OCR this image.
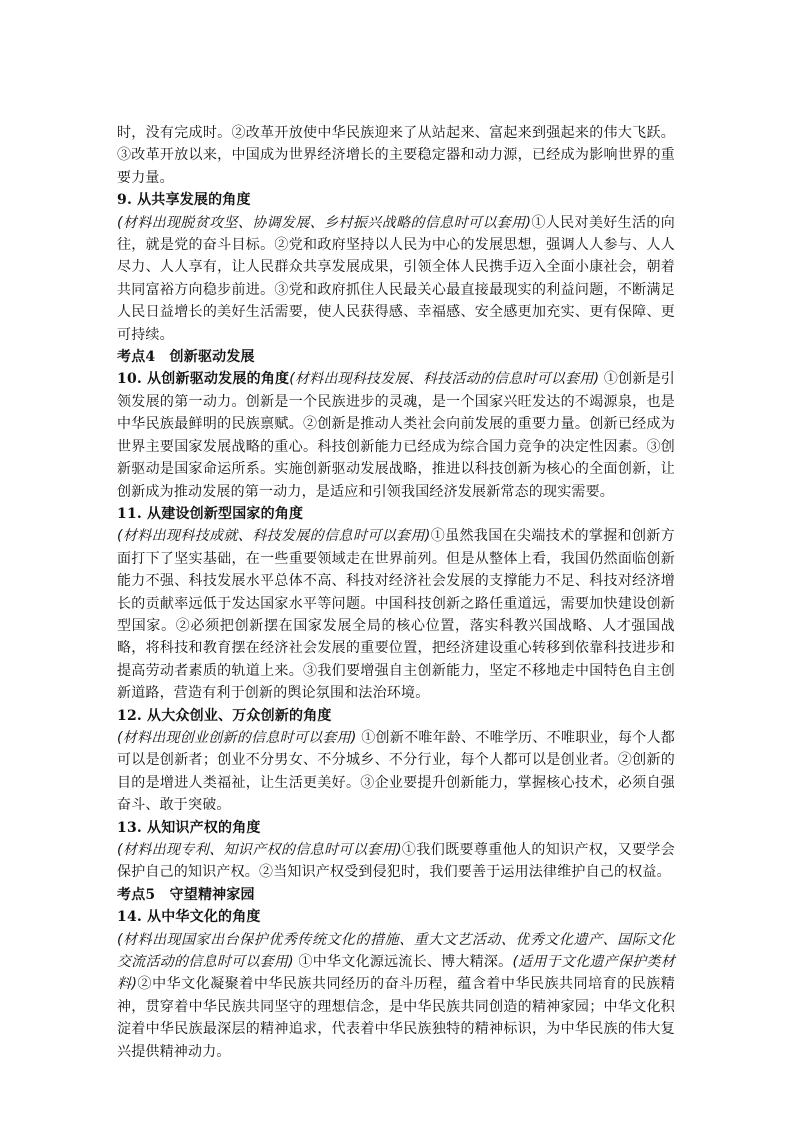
时，没有完成时。②改革开放使中华民族迎来了从站起来、富起来到强起来的伟大飞跃。③改革开放以来，中国成为世界经济增长的主要稳定器和动力源，已经成为影响世界的重要力量。

9. 从共享发展的角度

(材料出现脱贫攻坚、协调发展、乡村振兴战略的信息时可以套用)①人民对美好生活的向往，就是党的奋斗目标。②党和政府坚持以人民为中心的发展思想，强调人人参与、人人尽力、人人享有，让人民群众共享发展成果，引领全体人民携手迈入全面小康社会，朝着共同富裕方向稳步前进。③党和政府抓住人民最关心最直接最现实的利益问题，不断满足人民日益增长的美好生活需要，使人民获得感、幸福感、安全感更加充实、更有保障、更可持续。

考点4　创新驱动发展

10. 从创新驱动发展的角度(材料出现科技发展、科技活动的信息时可以套用) ①创新是引领发展的第一动力。创新是一个民族进步的灵魂，是一个国家兴旺发达的不竭源泉，也是中华民族最鲜明的民族禀赋。②创新是推动人类社会向前发展的重要力量。创新已经成为世界主要国家发展战略的重心。科技创新能力已经成为综合国力竞争的决定性因素。③创新驱动是国家命运所系。实施创新驱动发展战略，推进以科技创新为核心的全面创新，让创新成为推动发展的第一动力，是适应和引领我国经济发展新常态的现实需要。

11. 从建设创新型国家的角度

(材料出现科技成就、科技发展的信息时可以套用)①虽然我国在尖端技术的掌握和创新方面打下了坚实基础，在一些重要领域走在世界前列。但是从整体上看，我国仍然面临创新能力不强、科技发展水平总体不高、科技对经济社会发展的支撑能力不足、科技对经济增长的贡献率远低于发达国家水平等问题。中国科技创新之路任重道远，需要加快建设创新型国家。②必须把创新摆在国家发展全局的核心位置，落实科教兴国战略、人才强国战略，将科技和教育摆在经济社会发展的重要位置，把经济建设重心转移到依靠科技进步和提高劳动者素质的轨道上来。③我们要增强自主创新能力，坚定不移地走中国特色自主创新道路，营造有利于创新的舆论氛围和法治环境。

12. 从大众创业、万众创新的角度

(材料出现创业创新的信息时可以套用) ①创新不唯年龄、不唯学历、不唯职业，每个人都可以是创新者；创业不分男女、不分城乡、不分行业，每个人都可以是创业者。②创新的目的是增进人类福祉，让生活更美好。③企业要提升创新能力，掌握核心技术，必须自强奋斗、敢于突破。

13. 从知识产权的角度

(材料出现专利、知识产权的信息时可以套用)①我们既要尊重他人的知识产权，又要学会保护自己的知识产权。②当知识产权受到侵犯时，我们要善于运用法律维护自己的权益。

考点5　守望精神家园

14. 从中华文化的角度

(材料出现国家出台保护优秀传统文化的措施、重大文艺活动、优秀文化遗产、国际文化交流活动的信息时可以套用) ①中华文化源远流长、博大精深。(适用于文化遗产保护类材料)②中华文化凝聚着中华民族共同经历的奋斗历程，蕴含着中华民族共同培育的民族精神，贯穿着中华民族共同坚守的理想信念，是中华民族共同创造的精神家园；中华文化积淀着中华民族最深层的精神追求，代表着中华民族独特的精神标识，为中华民族的伟大复兴提供精神动力。
